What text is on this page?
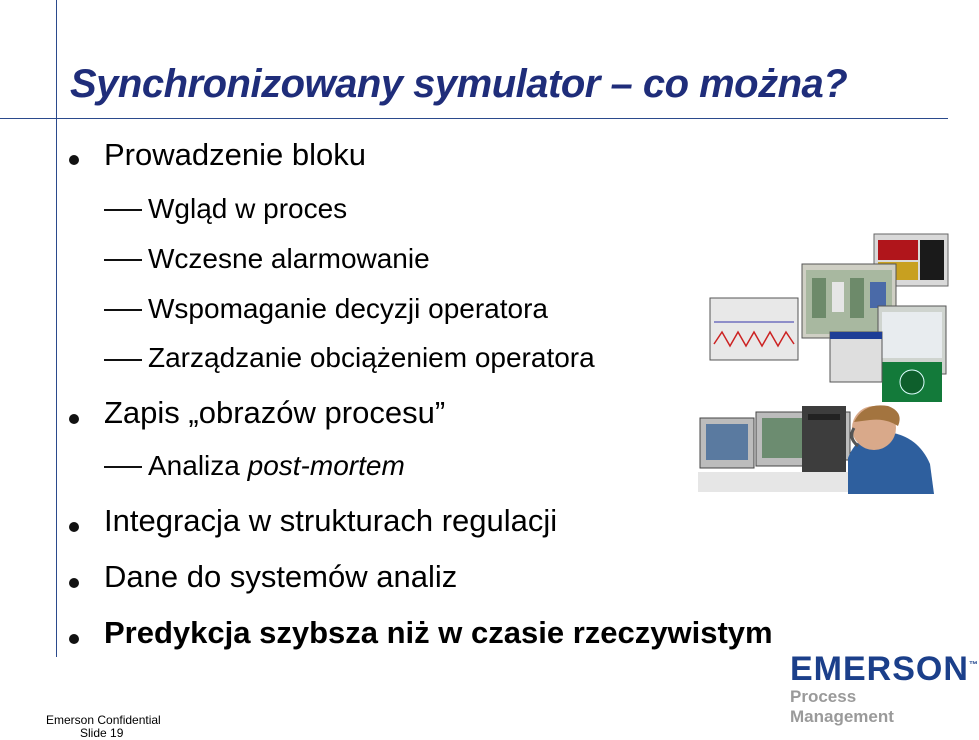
Synchronizowany symulator – co można?
Prowadzenie bloku
Wgląd w proces
Wczesne alarmowanie
Wspomaganie decyzji operatora
Zarządzanie obciążeniem operatora
Zapis „obrazów procesu”
Analiza post-mortem
Integracja w strukturach regulacji
Dane do systemów analiz
Predykcja szybsza niż w czasie rzeczywistym
EMERSON™
Process Management
Emerson Confidential
Slide 19
